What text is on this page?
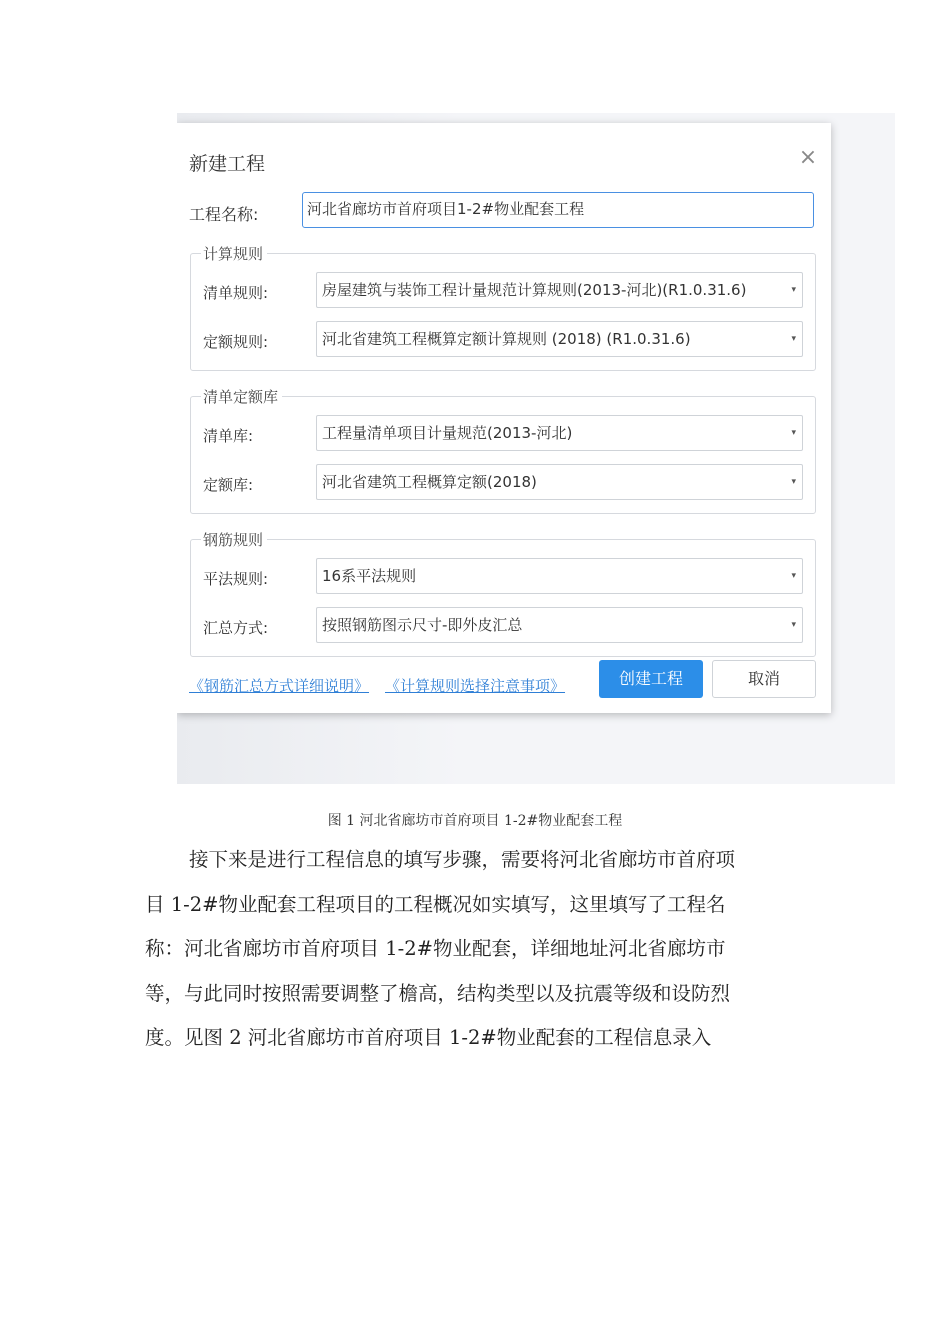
新建工程	×
工程名称:	河北省廊坊市首府项目1-2#物业配套工程
计算规则
清单规则:	房屋建筑与装饰工程计量规范计算规则(2013-河北)(R1.0.31.6)	▾
定额规则:	河北省建筑工程概算定额计算规则 (2018) (R1.0.31.6)	▾
清单定额库
清单库:	工程量清单项目计量规范(2013-河北)	▾
定额库:	河北省建筑工程概算定额(2018)	▾
钢筋规则
平法规则:	16系平法规则	▾
汇总方式:	按照钢筋图示尺寸-即外皮汇总	▾
《钢筋汇总方式详细说明》 《计算规则选择注意事项》	创建工程	取消
图 1 河北省廊坊市首府项目 1-2#物业配套工程
接下来是进行工程信息的填写步骤，需要将河北省廊坊市首府项
目 1-2#物业配套工程项目的工程概况如实填写，这里填写了工程名
称：河北省廊坊市首府项目 1-2#物业配套，详细地址河北省廊坊市
等，与此同时按照需要调整了檐高，结构类型以及抗震等级和设防烈
度。见图 2 河北省廊坊市首府项目 1-2#物业配套的工程信息录入
